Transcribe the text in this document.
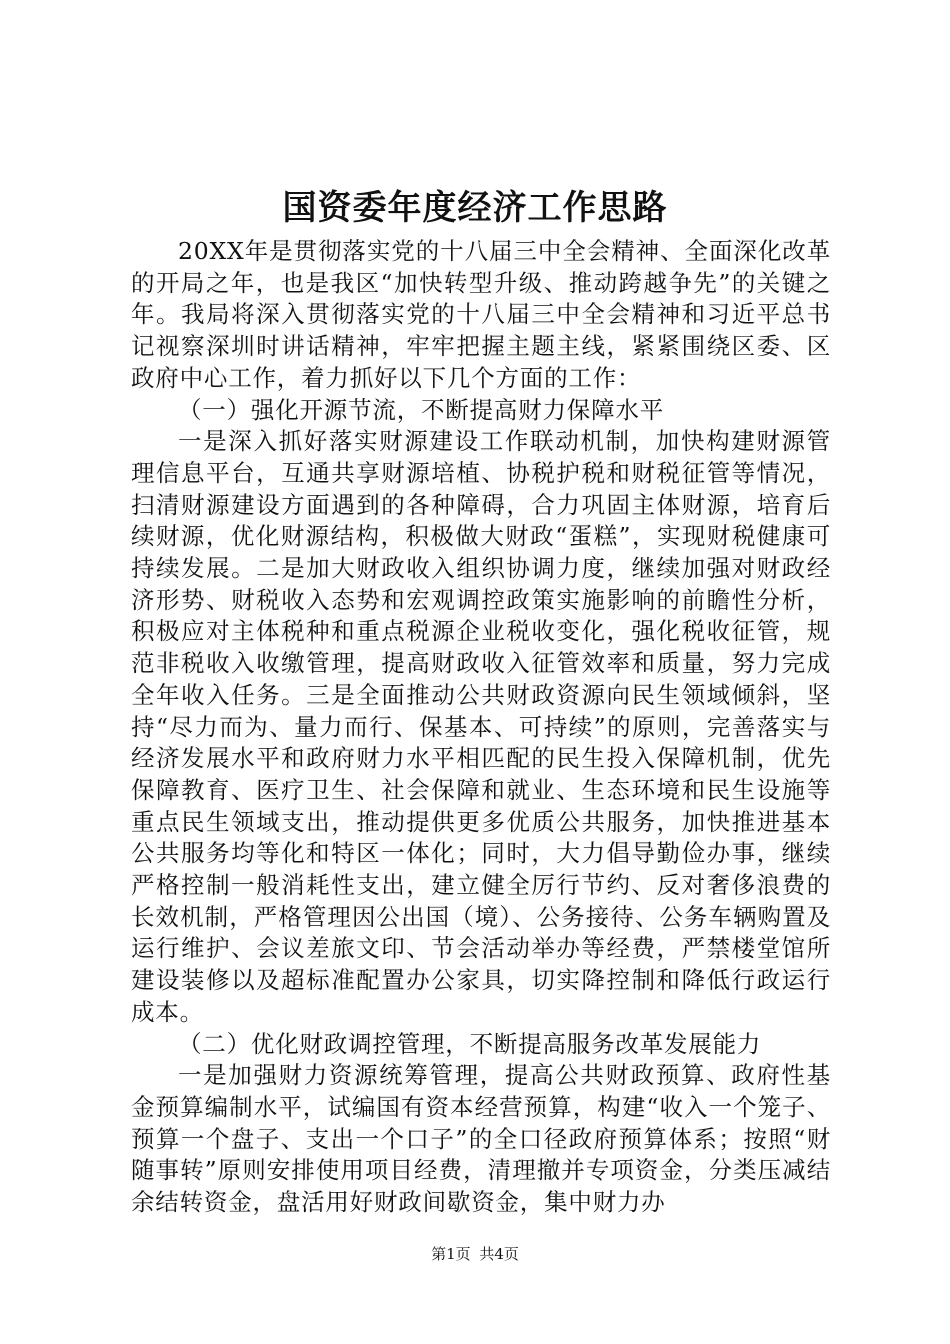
国资委年度经济工作思路

20XX年是贯彻落实党的十八届三中全会精神、全面深化改革的开局之年，也是我区“加快转型升级、推动跨越争先”的关键之年。我局将深入贯彻落实党的十八届三中全会精神和习近平总书记视察深圳时讲话精神，牢牢把握主题主线，紧紧围绕区委、区政府中心工作，着力抓好以下几个方面的工作：

（一）强化开源节流，不断提高财力保障水平

一是深入抓好落实财源建设工作联动机制，加快构建财源管理信息平台，互通共享财源培植、协税护税和财税征管等情况，扫清财源建设方面遇到的各种障碍，合力巩固主体财源，培育后续财源，优化财源结构，积极做大财政“蛋糕”，实现财税健康可持续发展。二是加大财政收入组织协调力度，继续加强对财政经济形势、财税收入态势和宏观调控政策实施影响的前瞻性分析，积极应对主体税种和重点税源企业税收变化，强化税收征管，规范非税收入收缴管理，提高财政收入征管效率和质量，努力完成全年收入任务。三是全面推动公共财政资源向民生领域倾斜，坚持“尽力而为、量力而行、保基本、可持续”的原则，完善落实与经济发展水平和政府财力水平相匹配的民生投入保障机制，优先保障教育、医疗卫生、社会保障和就业、生态环境和民生设施等重点民生领域支出，推动提供更多优质公共服务，加快推进基本公共服务均等化和特区一体化；同时，大力倡导勤俭办事，继续严格控制一般消耗性支出，建立健全厉行节约、反对奢侈浪费的长效机制，严格管理因公出国（境）、公务接待、公务车辆购置及运行维护、会议差旅文印、节会活动举办等经费，严禁楼堂馆所建设装修以及超标准配置办公家具，切实降控制和降低行政运行成本。

（二）优化财政调控管理，不断提高服务改革发展能力

一是加强财力资源统筹管理，提高公共财政预算、政府性基金预算编制水平，试编国有资本经营预算，构建“收入一个笼子、预算一个盘子、支出一个口子”的全口径政府预算体系；按照“财随事转”原则安排使用项目经费，清理撤并专项资金，分类压减结余结转资金，盘活用好财政间歇资金，集中财力办

第1页 共4页
